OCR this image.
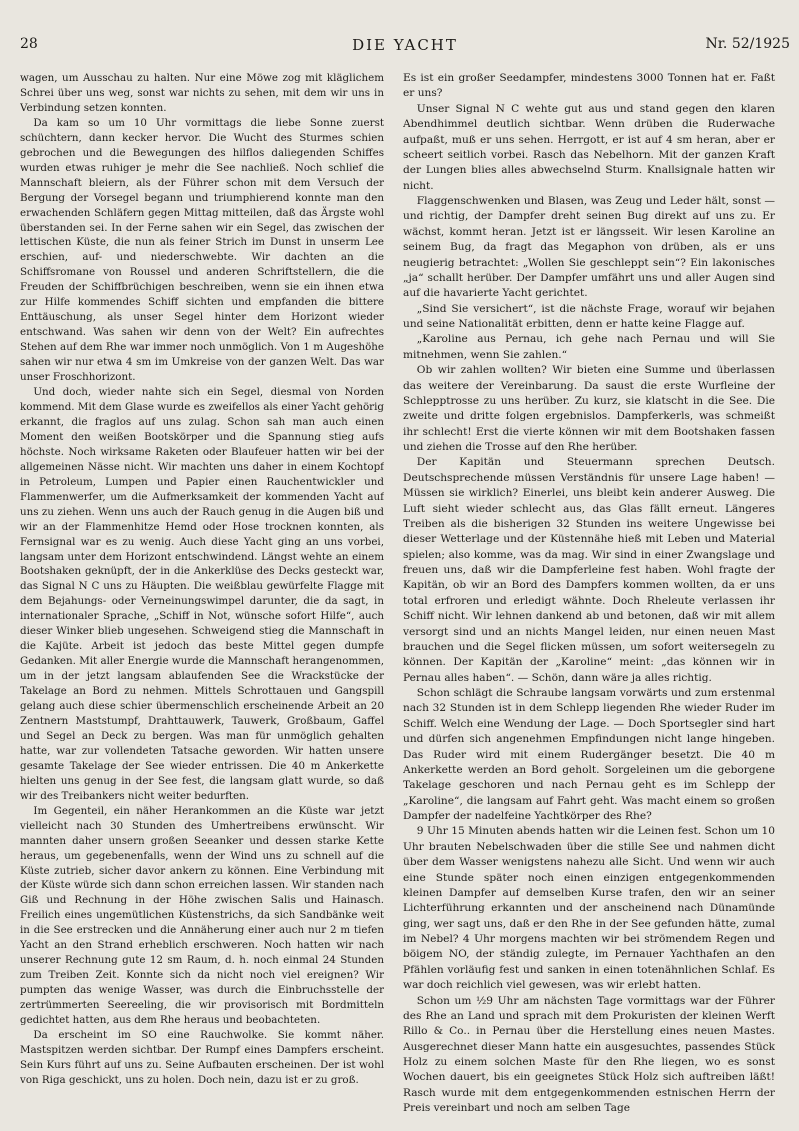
28	DIE YACHT	Nr. 52/1925

wagen, um Ausschau zu halten. Nur eine Möwe zog mit kläglichem Schrei über uns weg, sonst war nichts zu sehen, mit dem wir uns in Verbindung setzen konnten.

Da kam so um 10 Uhr vormittags die liebe Sonne zuerst schüchtern, dann kecker hervor. Die Wucht des Sturmes schien gebrochen und die Bewegungen des hilflos daliegenden Schiffes wurden etwas ruhiger je mehr die See nachließ. Noch schlief die Mannschaft bleiern, als der Führer schon mit dem Versuch der Bergung der Vorsegel begann und triumphierend konnte man den erwachenden Schläfern gegen Mittag mitteilen, daß das Ärgste wohl überstanden sei. In der Ferne sahen wir ein Segel, das zwischen der lettischen Küste, die nun als feiner Strich im Dunst in unserm Lee erschien, auf- und niederschwebte. Wir dachten an die Schiffsromane von Roussel und anderen Schriftstellern, die die Freuden der Schiffbrüchigen beschreiben, wenn sie ein ihnen etwa zur Hilfe kommendes Schiff sichten und empfanden die bittere Enttäuschung, als unser Segel hinter dem Horizont wieder entschwand. Was sahen wir denn von der Welt? Ein aufrechtes Stehen auf dem Rhe war immer noch unmöglich. Von 1 m Augeshöhe sahen wir nur etwa 4 sm im Umkreise von der ganzen Welt. Das war unser Froschhorizont.

Und doch, wieder nahte sich ein Segel, diesmal von Norden kommend. Mit dem Glase wurde es zweifellos als einer Yacht gehörig erkannt, die fraglos auf uns zulag. Schon sah man auch einen Moment den weißen Bootskörper und die Spannung stieg aufs höchste. Noch wirksame Raketen oder Blaufeuer hatten wir bei der allgemeinen Nässe nicht. Wir machten uns daher in einem Kochtopf in Petroleum, Lumpen und Papier einen Rauchentwickler und Flammenwerfer, um die Aufmerksamkeit der kommenden Yacht auf uns zu ziehen. Wenn uns auch der Rauch genug in die Augen biß und wir an der Flammenhitze Hemd oder Hose trocknen konnten, als Fernsignal war es zu wenig. Auch diese Yacht ging an uns vorbei, langsam unter dem Horizont entschwindend. Längst wehte an einem Bootshaken geknüpft, der in die Ankerklüse des Decks gesteckt war, das Signal N C uns zu Häupten. Die weißblau gewürfelte Flagge mit dem Bejahungs- oder Verneinungswimpel darunter, die da sagt, in internationaler Sprache, „Schiff in Not, wünsche sofort Hilfe“, auch dieser Winker blieb ungesehen. Schweigend stieg die Mannschaft in die Kajüte. Arbeit ist jedoch das beste Mittel gegen dumpfe Gedanken. Mit aller Energie wurde die Mannschaft herangenommen, um in der jetzt langsam ablaufenden See die Wrackstücke der Takelage an Bord zu nehmen. Mittels Schrottauen und Gangspill gelang auch diese schier übermenschlich erscheinende Arbeit an 20 Zentnern Maststumpf, Drahttauwerk, Tauwerk, Großbaum, Gaffel und Segel an Deck zu bergen. Was man für unmöglich gehalten hatte, war zur vollendeten Tatsache geworden. Wir hatten unsere gesamte Takelage der See wieder entrissen. Die 40 m Ankerkette hielten uns genug in der See fest, die langsam glatt wurde, so daß wir des Treibankers nicht weiter bedurften.

Im Gegenteil, ein näher Herankommen an die Küste war jetzt vielleicht nach 30 Stunden des Umhertreibens erwünscht. Wir mannten daher unsern großen Seeanker und dessen starke Kette heraus, um gegebenenfalls, wenn der Wind uns zu schnell auf die Küste zutrieb, sicher davor ankern zu können. Eine Verbindung mit der Küste würde sich dann schon erreichen lassen. Wir standen nach Giß und Rechnung in der Höhe zwischen Salis und Hainasch. Freilich eines ungemütlichen Küstenstrichs, da sich Sandbänke weit in die See erstrecken und die Annäherung einer auch nur 2 m tiefen Yacht an den Strand erheblich erschweren. Noch hatten wir nach unserer Rechnung gute 12 sm Raum, d. h. noch einmal 24 Stunden zum Treiben Zeit. Konnte sich da nicht noch viel ereignen? Wir pumpten das wenige Wasser, was durch die Einbruchsstelle der zertrümmerten Seereeling, die wir provisorisch mit Bordmitteln gedichtet hatten, aus dem Rhe heraus und beobachteten.

Da erscheint im SO eine Rauchwolke. Sie kommt näher. Mastspitzen werden sichtbar. Der Rumpf eines Dampfers erscheint. Sein Kurs führt auf uns zu. Seine Aufbauten erscheinen. Der ist wohl von Riga geschickt, uns zu holen. Doch nein, dazu ist er zu groß.

Es ist ein großer Seedampfer, mindestens 3000 Tonnen hat er. Faßt er uns?

Unser Signal N C wehte gut aus und stand gegen den klaren Abendhimmel deutlich sichtbar. Wenn drüben die Ruderwache aufpaßt, muß er uns sehen. Herrgott, er ist auf 4 sm heran, aber er scheert seitlich vorbei. Rasch das Nebelhorn. Mit der ganzen Kraft der Lungen blies alles abwechselnd Sturm. Knallsignale hatten wir nicht.

Flaggenschwenken und Blasen, was Zeug und Leder hält, sonst — und richtig, der Dampfer dreht seinen Bug direkt auf uns zu. Er wächst, kommt heran. Jetzt ist er längsseit. Wir lesen Karoline an seinem Bug, da fragt das Megaphon von drüben, als er uns neugierig betrachtet: „Wollen Sie geschleppt sein“? Ein lakonisches „ja“ schallt herüber. Der Dampfer umfährt uns und aller Augen sind auf die havarierte Yacht gerichtet.

„Sind Sie versichert“, ist die nächste Frage, worauf wir bejahen und seine Nationalität erbitten, denn er hatte keine Flagge auf.

„Karoline aus Pernau, ich gehe nach Pernau und will Sie mitnehmen, wenn Sie zahlen.“

Ob wir zahlen wollten? Wir bieten eine Summe und überlassen das weitere der Vereinbarung. Da saust die erste Wurfleine der Schlepptrosse zu uns herüber. Zu kurz, sie klatscht in die See. Die zweite und dritte folgen ergebnislos. Dampferkerls, was schmeißt ihr schlecht! Erst die vierte können wir mit dem Bootshaken fassen und ziehen die Trosse auf den Rhe herüber.

Der Kapitän und Steuermann sprechen Deutsch. Deutschsprechende müssen Verständnis für unsere Lage haben! — Müssen sie wirklich? Einerlei, uns bleibt kein anderer Ausweg. Die Luft sieht wieder schlecht aus, das Glas fällt erneut. Längeres Treiben als die bisherigen 32 Stunden ins weitere Ungewisse bei dieser Wetterlage und der Küstennähe hieß mit Leben und Material spielen; also komme, was da mag. Wir sind in einer Zwangslage und freuen uns, daß wir die Dampferleine fest haben. Wohl fragte der Kapitän, ob wir an Bord des Dampfers kommen wollten, da er uns total erfroren und erledigt wähnte. Doch Rheleute verlassen ihr Schiff nicht. Wir lehnen dankend ab und betonen, daß wir mit allem versorgt sind und an nichts Mangel leiden, nur einen neuen Mast brauchen und die Segel flicken müssen, um sofort weitersegeln zu können. Der Kapitän der „Karoline“ meint: „das können wir in Pernau alles haben“. — Schön, dann wäre ja alles richtig.

Schon schlägt die Schraube langsam vorwärts und zum erstenmal nach 32 Stunden ist in dem Schlepp liegenden Rhe wieder Ruder im Schiff. Welch eine Wendung der Lage. — Doch Sportsegler sind hart und dürfen sich angenehmen Empfindungen nicht lange hingeben. Das Ruder wird mit einem Rudergänger besetzt. Die 40 m Ankerkette werden an Bord geholt. Sorgeleinen um die geborgene Takelage geschoren und nach Pernau geht es im Schlepp der „Karoline“, die langsam auf Fahrt geht. Was macht einem so großen Dampfer der nadelfeine Yachtkörper des Rhe?

9 Uhr 15 Minuten abends hatten wir die Leinen fest. Schon um 10 Uhr brauten Nebelschwaden über die stille See und nahmen dicht über dem Wasser wenigstens nahezu alle Sicht. Und wenn wir auch eine Stunde später noch einen einzigen entgegenkommenden kleinen Dampfer auf demselben Kurse trafen, den wir an seiner Lichterführung erkannten und der anscheinend nach Dünamünde ging, wer sagt uns, daß er den Rhe in der See gefunden hätte, zumal im Nebel? 4 Uhr morgens machten wir bei strömendem Regen und böigem NO, der ständig zulegte, im Pernauer Yachthafen an den Pfählen vorläufig fest und sanken in einen totenähnlichen Schlaf. Es war doch reichlich viel gewesen, was wir erlebt hatten.

Schon um ½9 Uhr am nächsten Tage vormittags war der Führer des Rhe an Land und sprach mit dem Prokuristen der kleinen Werft Rillo & Co.. in Pernau über die Herstellung eines neuen Mastes. Ausgerechnet dieser Mann hatte ein ausgesuchtes, passendes Stück Holz zu einem solchen Maste für den Rhe liegen, wo es sonst Wochen dauert, bis ein geeignetes Stück Holz sich auftreiben läßt! Rasch wurde mit dem entgegenkommenden estnischen Herrn der Preis vereinbart und noch am selben Tage
